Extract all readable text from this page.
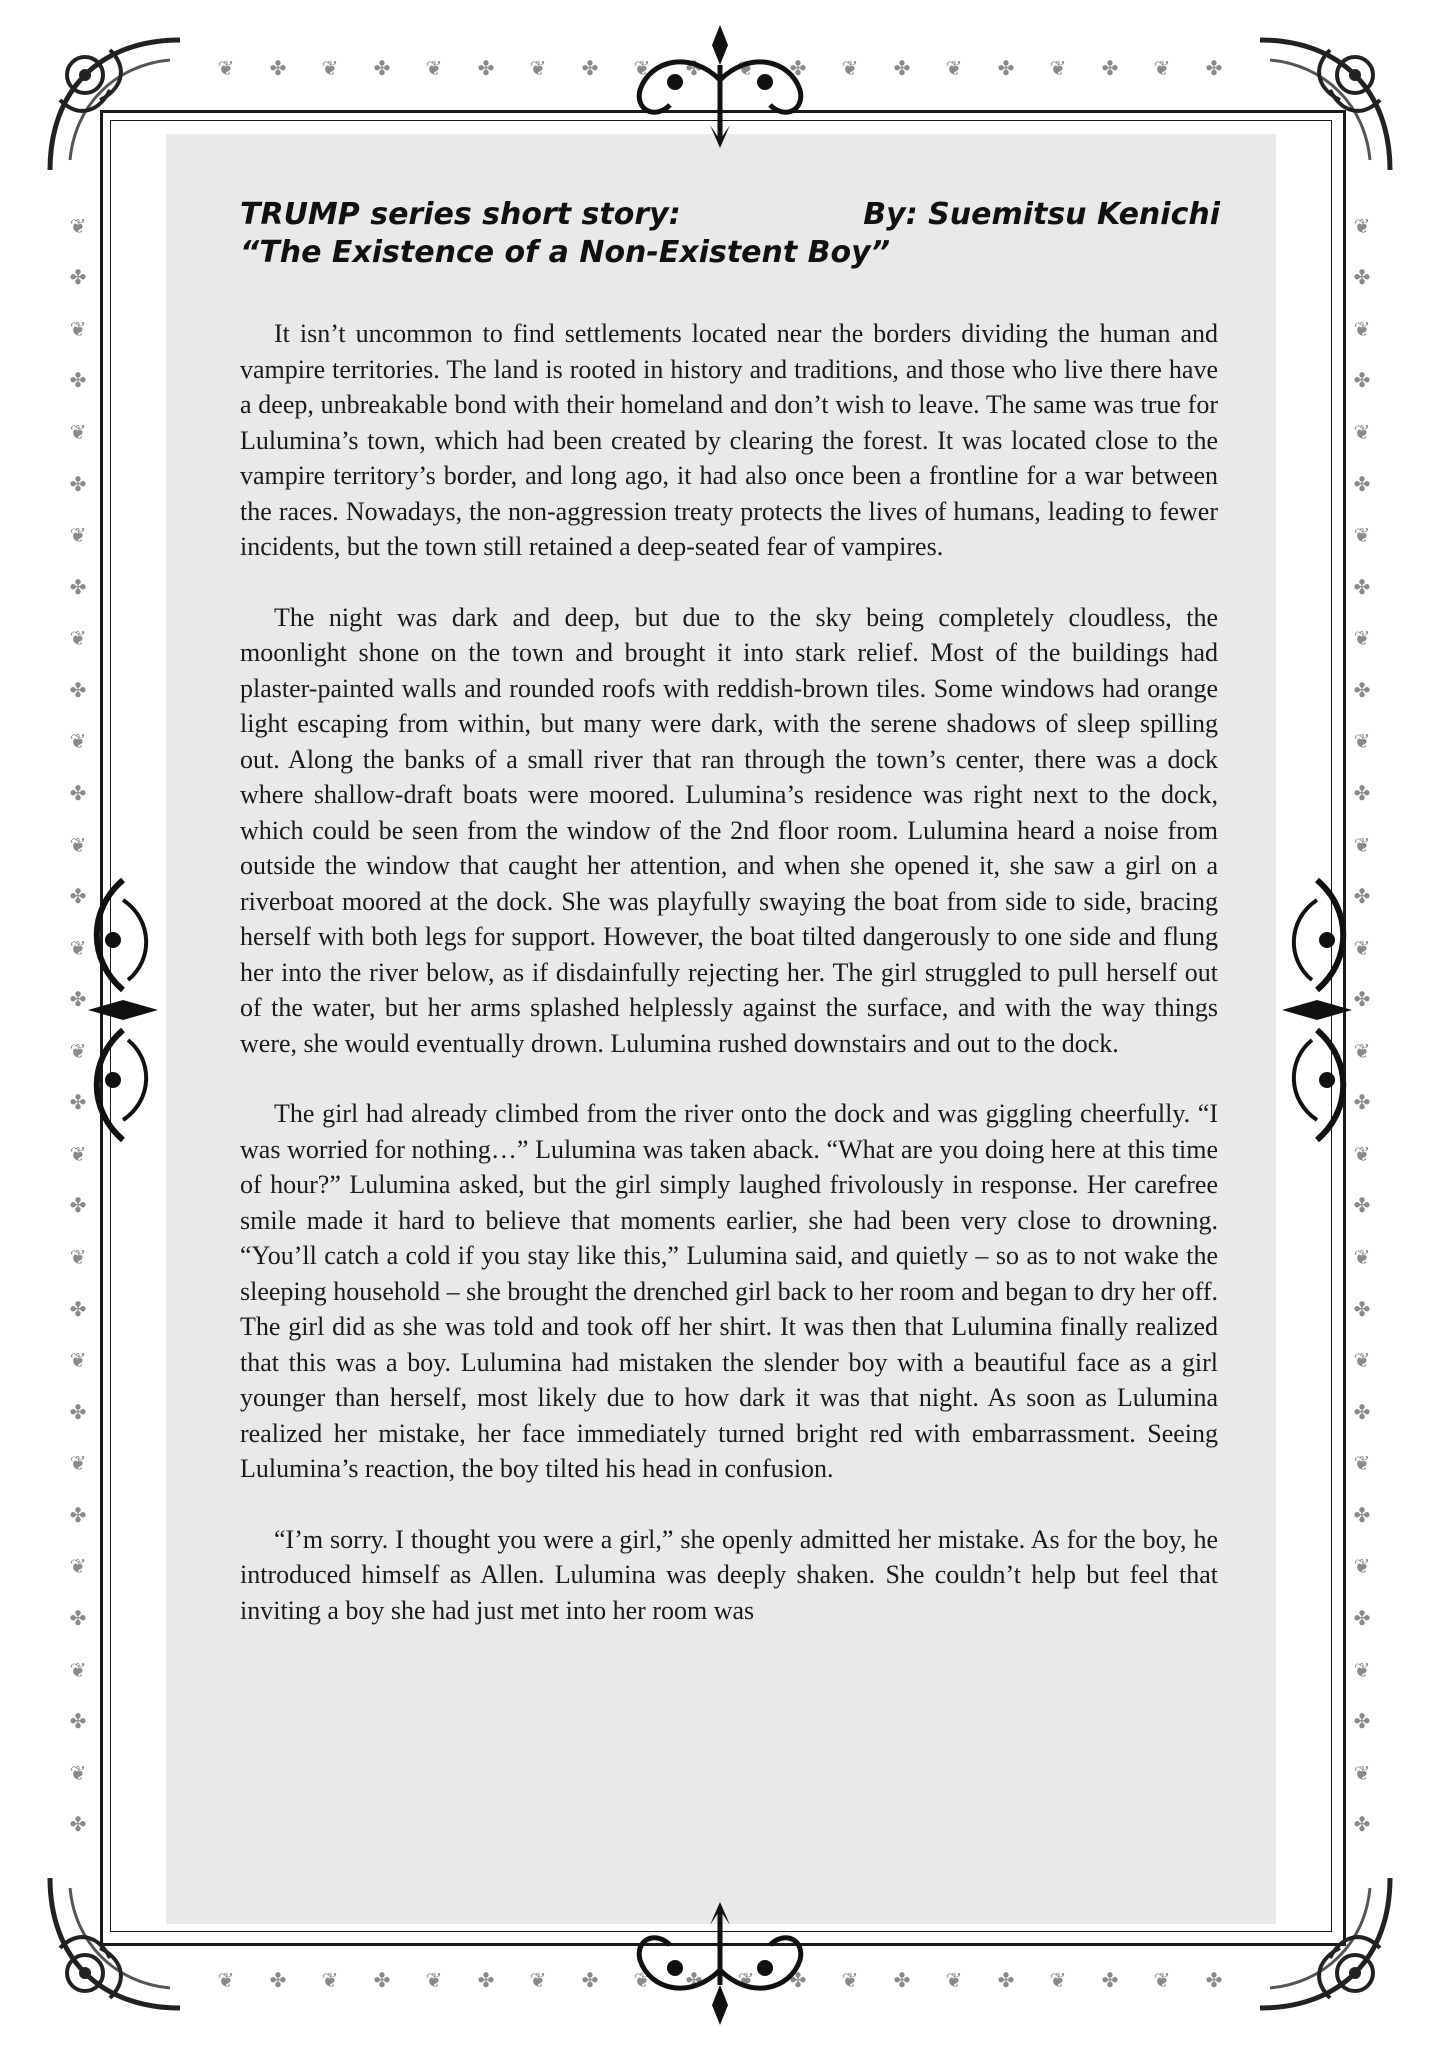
❦ ✤ ❦ ✤ ❦ ✤ ❦ ✤ ❦ ✤ ❦ ✤ ❦ ✤ ❦ ✤ ❦ ✤ ❦ ✤
❦ ✤ ❦ ✤ ❦ ✤ ❦ ✤ ❦ ✤ ❦ ✤ ❦ ✤ ❦ ✤ ❦ ✤ ❦ ✤
❦
✤
❦
✤
❦
✤
❦
✤
❦
✤
❦
✤
❦
✤
❦
✤
❦
✤
❦
✤
❦
✤
❦
✤
❦
✤
❦
✤
❦
✤
❦
✤
❦
✤
❦
✤
❦
✤
❦
✤
❦
✤
❦
✤
❦
✤
❦
✤
❦
✤
❦
✤
❦
✤
❦
✤
❦
✤
❦
✤
❦
✤
❦
✤
TRUMP series short story:
“The Existence of a Non-Existent Boy”
By: Suemitsu Kenichi

It isn’t uncommon to find settlements located near the borders dividing the human and vampire territories. The land is rooted in history and traditions, and those who live there have a deep, unbreakable bond with their homeland and don’t wish to leave. The same was true for Lulumina’s town, which had been created by clearing the forest. It was located close to the vampire territory’s border, and long ago, it had also once been a frontline for a war between the races. Nowadays, the non-aggression treaty protects the lives of humans, leading to fewer incidents, but the town still retained a deep-seated fear of vampires.

The night was dark and deep, but due to the sky being completely cloudless, the moonlight shone on the town and brought it into stark relief. Most of the buildings had plaster-painted walls and rounded roofs with reddish-brown tiles. Some windows had orange light escaping from within, but many were dark, with the serene shadows of sleep spilling out. Along the banks of a small river that ran through the town’s center, there was a dock where shallow-draft boats were moored. Lulumina’s residence was right next to the dock, which could be seen from the window of the 2nd floor room. Lulumina heard a noise from outside the window that caught her attention, and when she opened it, she saw a girl on a riverboat moored at the dock. She was playfully swaying the boat from side to side, bracing herself with both legs for support. However, the boat tilted dangerously to one side and flung her into the river below, as if disdainfully rejecting her. The girl struggled to pull herself out of the water, but her arms splashed helplessly against the surface, and with the way things were, she would eventually drown. Lulumina rushed downstairs and out to the dock.

The girl had already climbed from the river onto the dock and was giggling cheerfully. “I was worried for nothing…” Lulumina was taken aback. “What are you doing here at this time of hour?” Lulumina asked, but the girl simply laughed frivolously in response. Her carefree smile made it hard to believe that moments earlier, she had been very close to drowning. “You’ll catch a cold if you stay like this,” Lulumina said, and quietly – so as to not wake the sleeping household – she brought the drenched girl back to her room and began to dry her off. The girl did as she was told and took off her shirt. It was then that Lulumina finally realized that this was a boy. Lulumina had mistaken the slender boy with a beautiful face as a girl younger than herself, most likely due to how dark it was that night. As soon as Lulumina realized her mistake, her face immediately turned bright red with embarrassment. Seeing Lulumina’s reaction, the boy tilted his head in confusion.

“I’m sorry. I thought you were a girl,” she openly admitted her mistake. As for the boy, he introduced himself as Allen. Lulumina was deeply shaken. She couldn’t help but feel that inviting a boy she had just met into her room was
